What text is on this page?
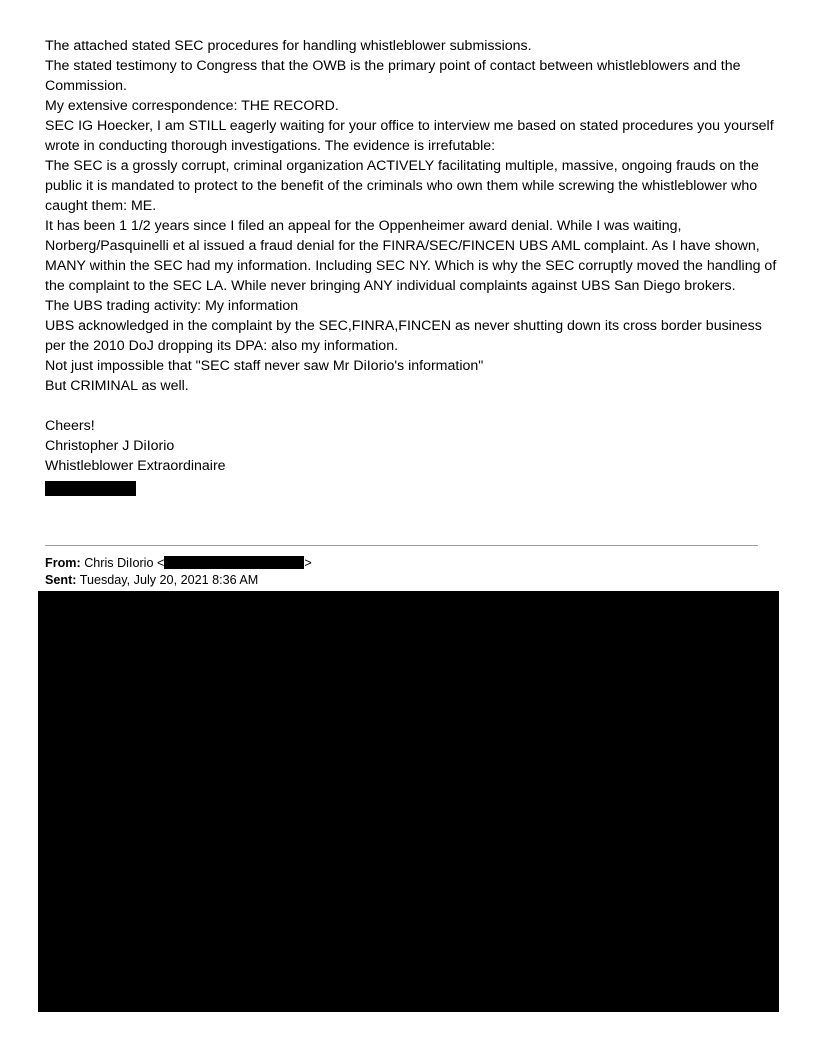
The attached stated SEC procedures for handling whistleblower submissions.

The stated testimony to Congress that the OWB is the primary point of contact between whistleblowers and the Commission.

My extensive correspondence: THE RECORD.

SEC IG Hoecker, I am STILL eagerly waiting for your office to interview me based on stated procedures you yourself wrote in conducting thorough investigations. The evidence is irrefutable:

The SEC is a grossly corrupt, criminal organization ACTIVELY facilitating multiple, massive, ongoing frauds on the public it is mandated to protect to the benefit of the criminals who own them while screwing the whistleblower who caught them: ME.

It has been 1 1/2 years since I filed an appeal for the Oppenheimer award denial. While I was waiting, Norberg/Pasquinelli et al issued a fraud denial for the FINRA/SEC/FINCEN UBS AML complaint. As I have shown, MANY within the SEC had my information. Including SEC NY. Which is why the SEC corruptly moved the handling of the complaint to the SEC LA. While never bringing ANY individual complaints against UBS San Diego brokers.

The UBS trading activity: My information

UBS acknowledged in the complaint by the SEC,FINRA,FINCEN as never shutting down its cross border business per the 2010 DoJ dropping its DPA: also my information.

Not just impossible that "SEC staff never saw Mr DiIorio's information"

But CRIMINAL as well.

Cheers!

Christopher J DiIorio

Whistleblower Extraordinaire

From: Chris DiIorio <	>
Sent: Tuesday, July 20, 2021 8:36 AM
